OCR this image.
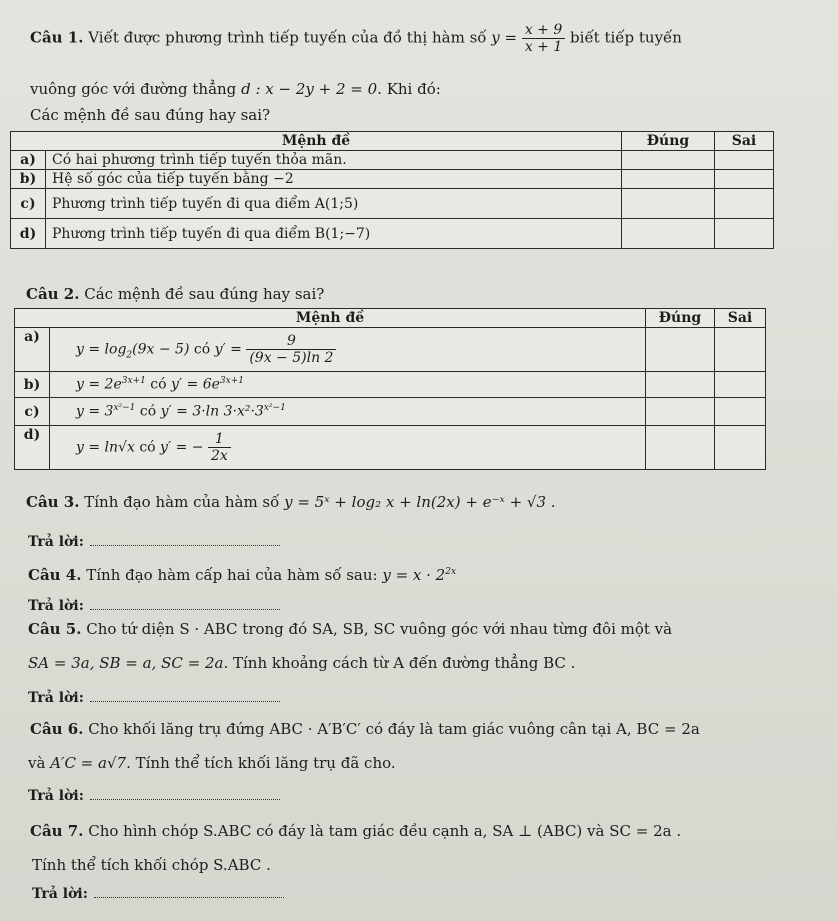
Câu 1. Viết được phương trình tiếp tuyến của đồ thị hàm số $y = \frac{x + 9}{x + 1}$ biết tiếp tuyến
vuông góc với đường thẳng d : x − 2y + 2 = 0. Khi đó:
Các mệnh đề sau đúng hay sai?
Mệnh đề		Đúng	Sai
a)	Có hai phương trình tiếp tuyến thỏa mãn.		
b)	Hệ số góc của tiếp tuyến bằng −2		
c)	Phương trình tiếp tuyến đi qua điểm A(1;5)		
d)	Phương trình tiếp tuyến đi qua điểm B(1;−7)		
Câu 2. Các mệnh đề sau đúng hay sai?
Mệnh đề		Đúng	Sai
a)	$y = \log_2(9x - 5)$ có $y' = \frac{9}{(9x - 5)\ln 2}$

b)	$y = 2e^{3x+1}$ có $y' = 6e^{3x+1}$		
c)	$y = 3^{x^2-1}$ có y′ = 3·ln $3\cdot x^2\cdot 3^{x^2-1}$		
d)	y = ln√x có y′ = − $\frac{1}{2x}$

Câu 3. Tính đạo hàm của hàm số y = 5ˣ + log₂ x + ln(2x) + e⁻ˣ + √3 .
Trả lời:
Câu 4. Tính đạo hàm cấp hai của hàm số sau: $y = x \cdot 2^{2x}$
Trả lời:
Câu 5. Cho tứ diện S · ABC trong đó SA, SB, SC vuông góc với nhau từng đôi một và
SA = 3a, SB = a, SC = 2a. Tính khoảng cách từ A đến đường thẳng BC .
Trả lời:
Câu 6. Cho khối lăng trụ đứng ABC · A′B′C′ có đáy là tam giác vuông cân tại A, BC = 2a
và A′C = a√7. Tính thể tích khối lăng trụ đã cho.
Trả lời:
Câu 7. Cho hình chóp S.ABC có đáy là tam giác đều cạnh a, SA ⊥ (ABC) và SC = 2a .
Tính thể tích khối chóp S.ABC .
Trả lời:
